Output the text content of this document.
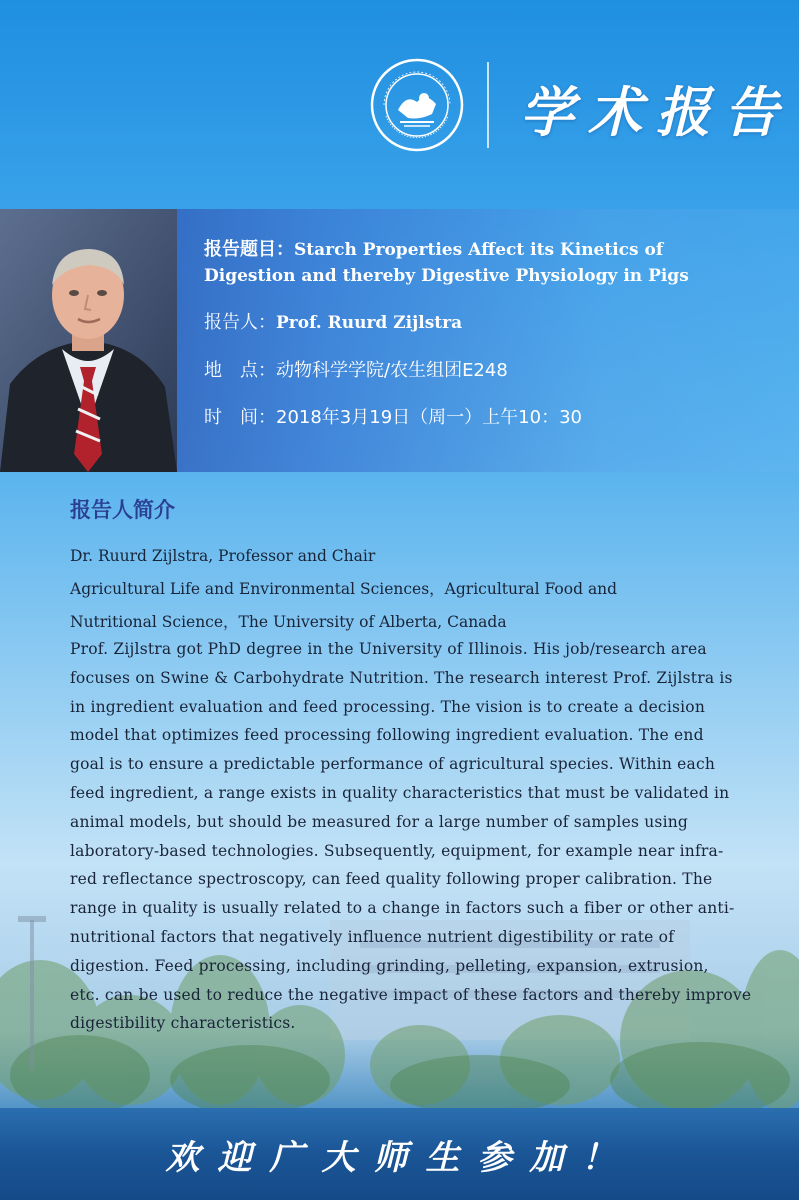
学术报告
报告题目：Starch Properties Affect its Kinetics of
Digestion and thereby Digestive Physiology in Pigs
报告人：Prof. Ruurd Zijlstra
地　点：动物科学学院/农生组团E248
时　间：2018年3月19日（周一）上午10：30
报告人简介
Dr. Ruurd Zijlstra, Professor and Chair
Agricultural Life and Environmental Sciences，Agricultural Food and
Nutritional Science，The University of Alberta, Canada
Prof. Zijlstra got PhD degree in the University of Illinois. His job/research area
focuses on Swine & Carbohydrate Nutrition. The research interest Prof. Zijlstra is
in ingredient evaluation and feed processing. The vision is to create a decision
model that optimizes feed processing following ingredient evaluation. The end
goal is to ensure a predictable performance of agricultural species. Within each
feed ingredient, a range exists in quality characteristics that must be validated in
animal models, but should be measured for a large number of samples using
laboratory-based technologies. Subsequently, equipment, for example near infra-
red reflectance spectroscopy, can feed quality following proper calibration. The
range in quality is usually related to a change in factors such a fiber or other anti-
nutritional factors that negatively influence nutrient digestibility or rate of
digestion. Feed processing, including grinding, pelleting, expansion, extrusion,
etc. can be used to reduce the negative impact of these factors and thereby improve
digestibility characteristics.
欢迎广大师生参加！
